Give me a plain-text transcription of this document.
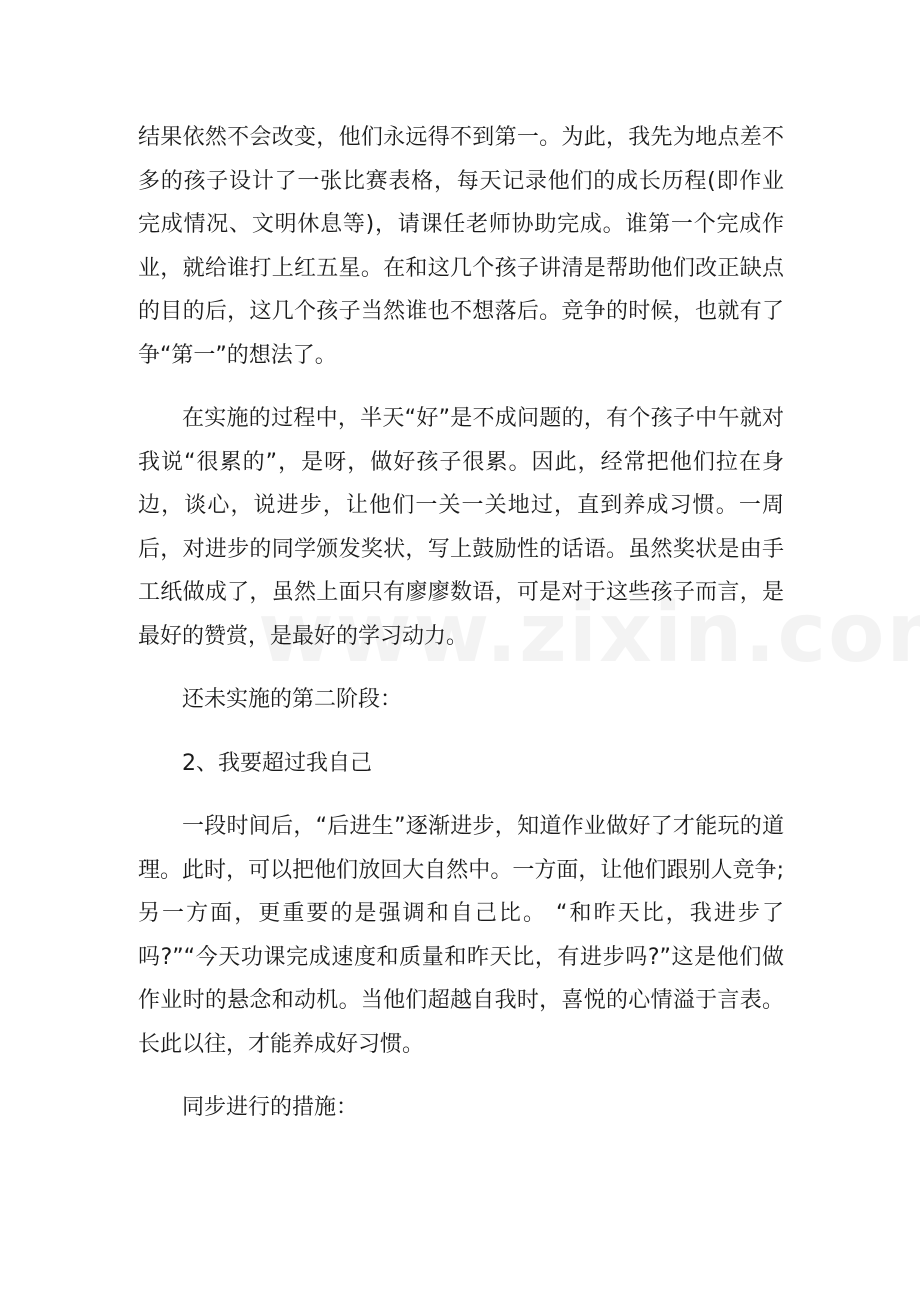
结果依然不会改变，他们永远得不到第一。为此，我先为地点差不多的孩子设计了一张比赛表格，每天记录他们的成长历程(即作业完成情况、文明休息等)，请课任老师协助完成。谁第一个完成作业，就给谁打上红五星。在和这几个孩子讲清是帮助他们改正缺点的目的后，这几个孩子当然谁也不想落后。竞争的时候，也就有了争“第一”的想法了。

在实施的过程中，半天“好”是不成问题的，有个孩子中午就对我说“很累的”，是呀，做好孩子很累。因此，经常把他们拉在身边，谈心，说进步，让他们一关一关地过，直到养成习惯。一周后，对进步的同学颁发奖状，写上鼓励性的话语。虽然奖状是由手工纸做成了，虽然上面只有廖廖数语，可是对于这些孩子而言，是最好的赞赏，是最好的学习动力。

还未实施的第二阶段：

2、我要超过我自己

一段时间后，“后进生”逐渐进步，知道作业做好了才能玩的道理。此时，可以把他们放回大自然中。一方面，让他们跟别人竞争;另一方面，更重要的是强调和自己比。 “和昨天比，我进步了吗?”“今天功课完成速度和质量和昨天比，有进步吗?”这是他们做作业时的悬念和动机。当他们超越自我时，喜悦的心情溢于言表。长此以往，才能养成好习惯。

同步进行的措施：
